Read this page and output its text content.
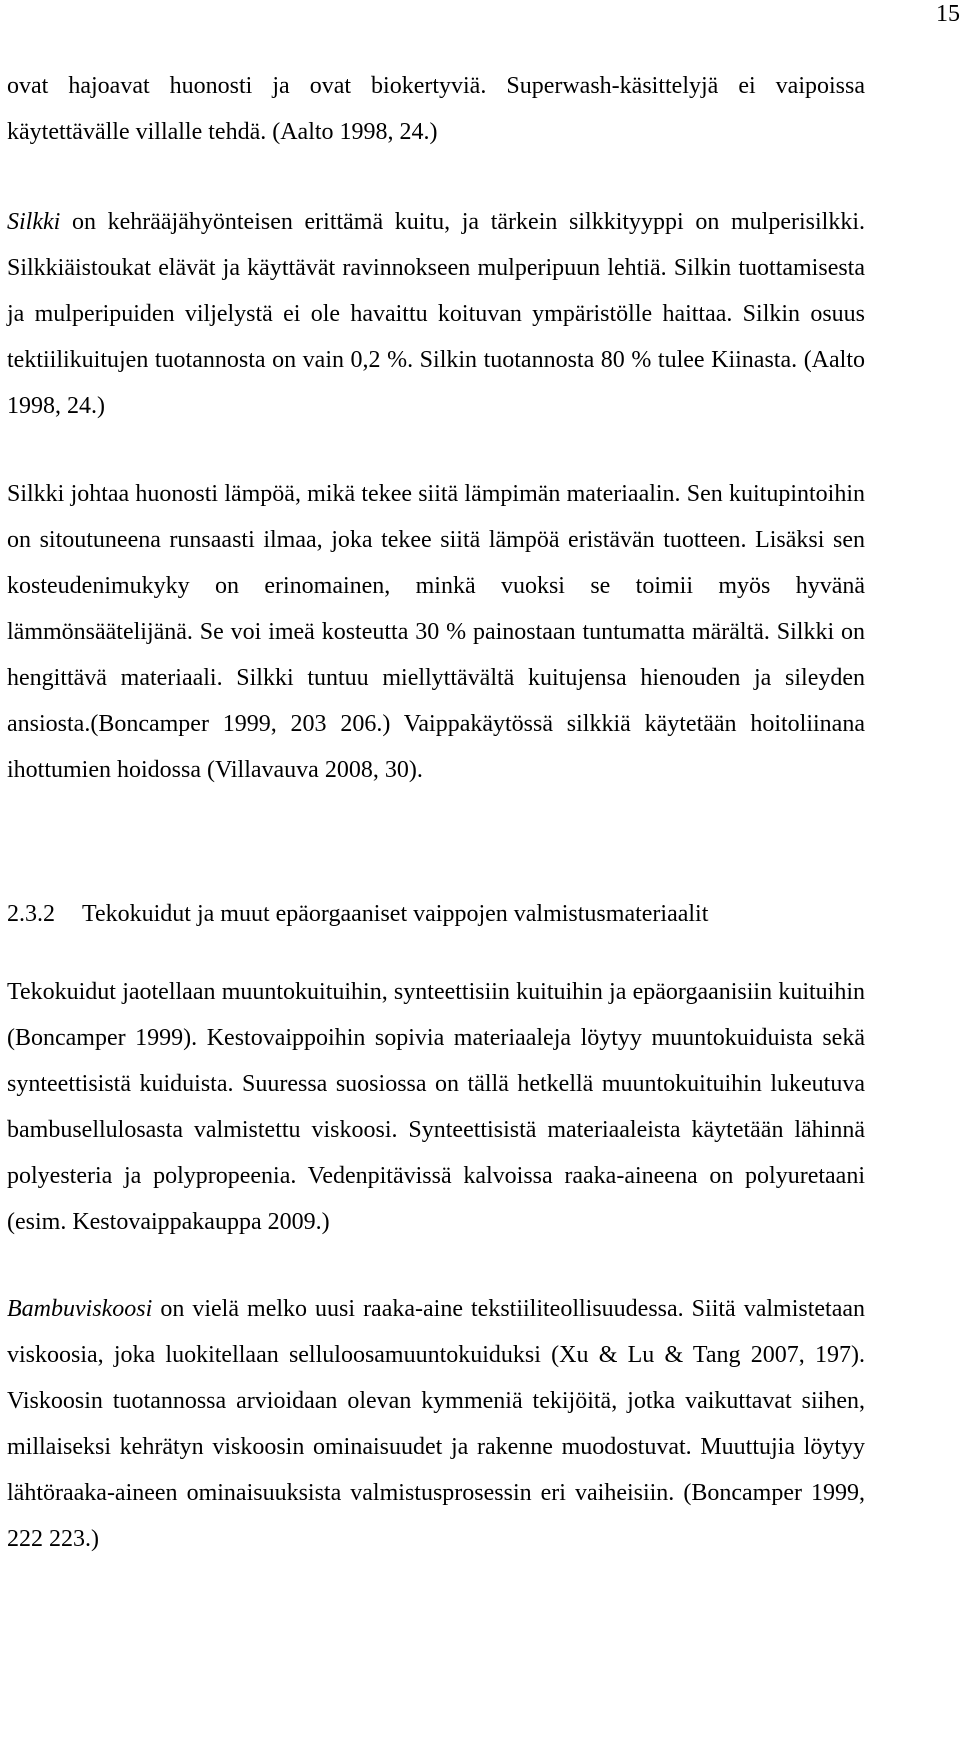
15

ovat hajoavat huonosti ja ovat biokertyviä. Superwash-käsittelyjä ei vaipoissa käytettävälle villalle tehdä. (Aalto 1998, 24.)

Silkki on kehrääjähyönteisen erittämä kuitu, ja tärkein silkkityyppi on mulperisilkki. Silkkiäistoukat elävät ja käyttävät ravinnokseen mulperipuun lehtiä. Silkin tuottamisesta ja mulperipuiden viljelystä ei ole havaittu koituvan ympäristölle haittaa. Silkin osuus tektiilikuitujen tuotannosta on vain 0,2 %. Silkin tuotannosta 80 % tulee Kiinasta. (Aalto 1998, 24.)

Silkki johtaa huonosti lämpöä, mikä tekee siitä lämpimän materiaalin. Sen kuitupintoihin on sitoutuneena runsaasti ilmaa, joka tekee siitä lämpöä eristävän tuotteen. Lisäksi sen kosteudenimukyky on erinomainen, minkä vuoksi se toimii myös hyvänä lämmönsäätelijänä. Se voi imeä kosteutta 30 % painostaan tuntumatta märältä. Silkki on hengittävä materiaali. Silkki tuntuu miellyttävältä kuitujensa hienouden ja sileyden ansiosta.(Boncamper 1999, 203 206.) Vaippakäytössä silkkiä käytetään hoitoliinana ihottumien hoidossa (Villavauva 2008, 30).

2.3.2 Tekokuidut ja muut epäorgaaniset vaippojen valmistusmateriaalit

Tekokuidut jaotellaan muuntokuituihin, synteettisiin kuituihin ja epäorgaanisiin kuituihin (Boncamper 1999). Kestovaippoihin sopivia materiaaleja löytyy muuntokuiduista sekä synteettisistä kuiduista. Suuressa suosiossa on tällä hetkellä muuntokuituihin lukeutuva bambusellulosasta valmistettu viskoosi. Synteettisistä materiaaleista käytetään lähinnä polyesteria ja polypropeenia. Vedenpitävissä kalvoissa raaka-aineena on polyuretaani (esim. Kestovaippakauppa 2009.)

Bambuviskoosi on vielä melko uusi raaka-aine tekstiiliteollisuudessa. Siitä valmistetaan viskoosia, joka luokitellaan selluloosamuuntokuiduksi (Xu & Lu & Tang 2007, 197). Viskoosin tuotannossa arvioidaan olevan kymmeniä tekijöitä, jotka vaikuttavat siihen, millaiseksi kehrätyn viskoosin ominaisuudet ja rakenne muodostuvat. Muuttujia löytyy lähtöraaka-aineen ominaisuuksista valmistusprosessin eri vaiheisiin. (Boncamper 1999, 222 223.)
